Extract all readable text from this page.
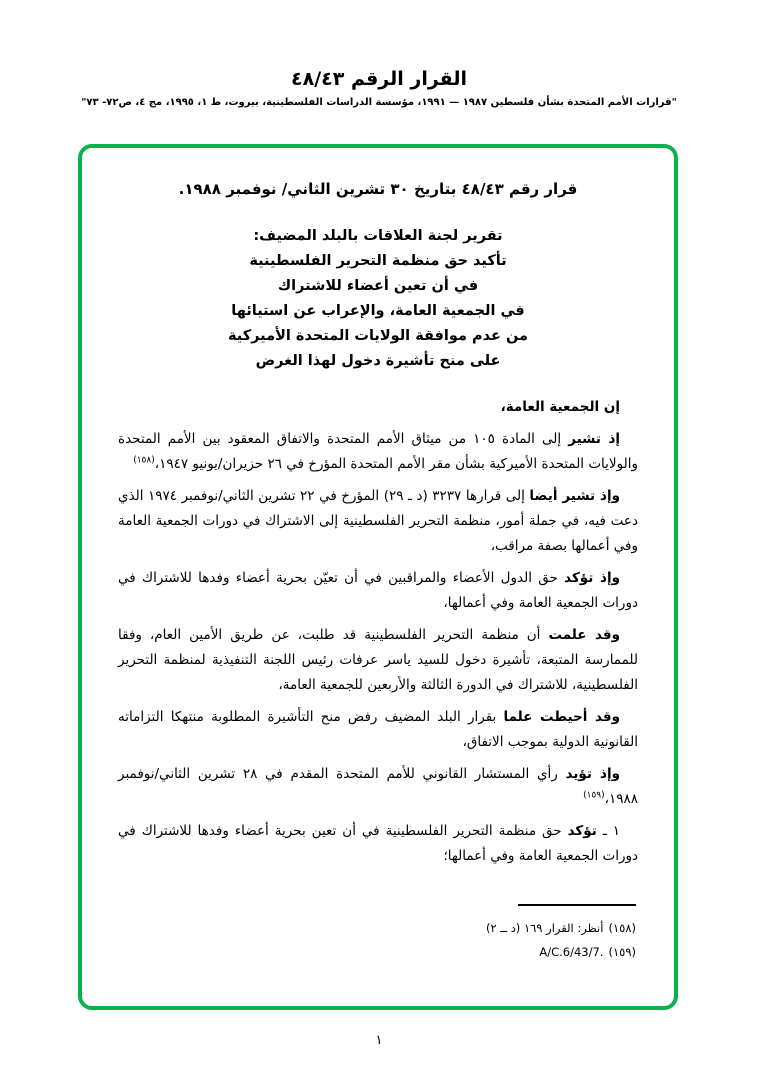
القرار الرقم ٤٨/٤٣
"قرارات الأمم المتحدة بشأن فلسطين ١٩٨٧ — ١٩٩١، مؤسسة الدراسات الفلسطينية، بيروت، ط ١، ١٩٩٥، مج ٤، ص٧٢- ٧٣"
قرار رقم ٤٨/٤٣ بتاريخ ٣٠ تشرين الثاني/ نوفمبر ١٩٨٨.
تقرير لجنة العلاقات بالبلد المضيف:
تأكيد حق منظمة التحرير الفلسطينية
في أن تعين أعضاء للاشتراك
في الجمعية العامة، والإعراب عن استيائها
من عدم موافقة الولايات المتحدة الأميركية
على منح تأشيرة دخول لهذا الغرض

إن الجمعية العامة،

إذ تشير إلى المادة ١٠٥ من ميثاق الأمم المتحدة والاتفاق المعقود بين الأمم المتحدة والولايات المتحدة الأميركية بشأن مقر الأمم المتحدة المؤرخ في ٢٦ حزيران/يونيو ١٩٤٧،$^{(١٥٨)}$

وإذ تشير أيضا إلى قرارها ٣٢٣٧ (د ـ ٢٩) المؤرخ في ٢٢ تشرين الثاني/نوفمبر ١٩٧٤ الذي دعت فيه، في جملة أمور، منظمة التحرير الفلسطينية إلى الاشتراك في دورات الجمعية العامة وفي أعمالها بصفة مراقب،

وإذ تؤكد حق الدول الأعضاء والمراقبين في أن تعيّن بحرية أعضاء وفدها للاشتراك في دورات الجمعية العامة وفي أعمالها،

وقد علمت أن منظمة التحرير الفلسطينية قد طلبت، عن طريق الأمين العام، وفقا للممارسة المتبعة، تأشيرة دخول للسيد ياسر عرفات رئيس اللجنة التنفيذية لمنظمة التحرير الفلسطينية، للاشتراك في الدورة الثالثة والأربعين للجمعية العامة،

وقد أحيطت علما بقرار البلد المضيف رفض منح التأشيرة المطلوبة منتهكا التزاماته القانونية الدولية بموجب الاتفاق،

وإذ تؤيد رأي المستشار القانوني للأمم المتحدة المقدم في ٢٨ تشرين الثاني/نوفمبر ١٩٨٨،$^{(١٥٩)}$

١ ـ تؤكد حق منظمة التحرير الفلسطينية في أن تعين بحرية أعضاء وفدها للاشتراك في دورات الجمعية العامة وفي أعمالها؛

(١٥٨)أنظر: القرار ١٦٩ (د ــ ٢)
(١٥٩)A/C.6/43/7.
١
